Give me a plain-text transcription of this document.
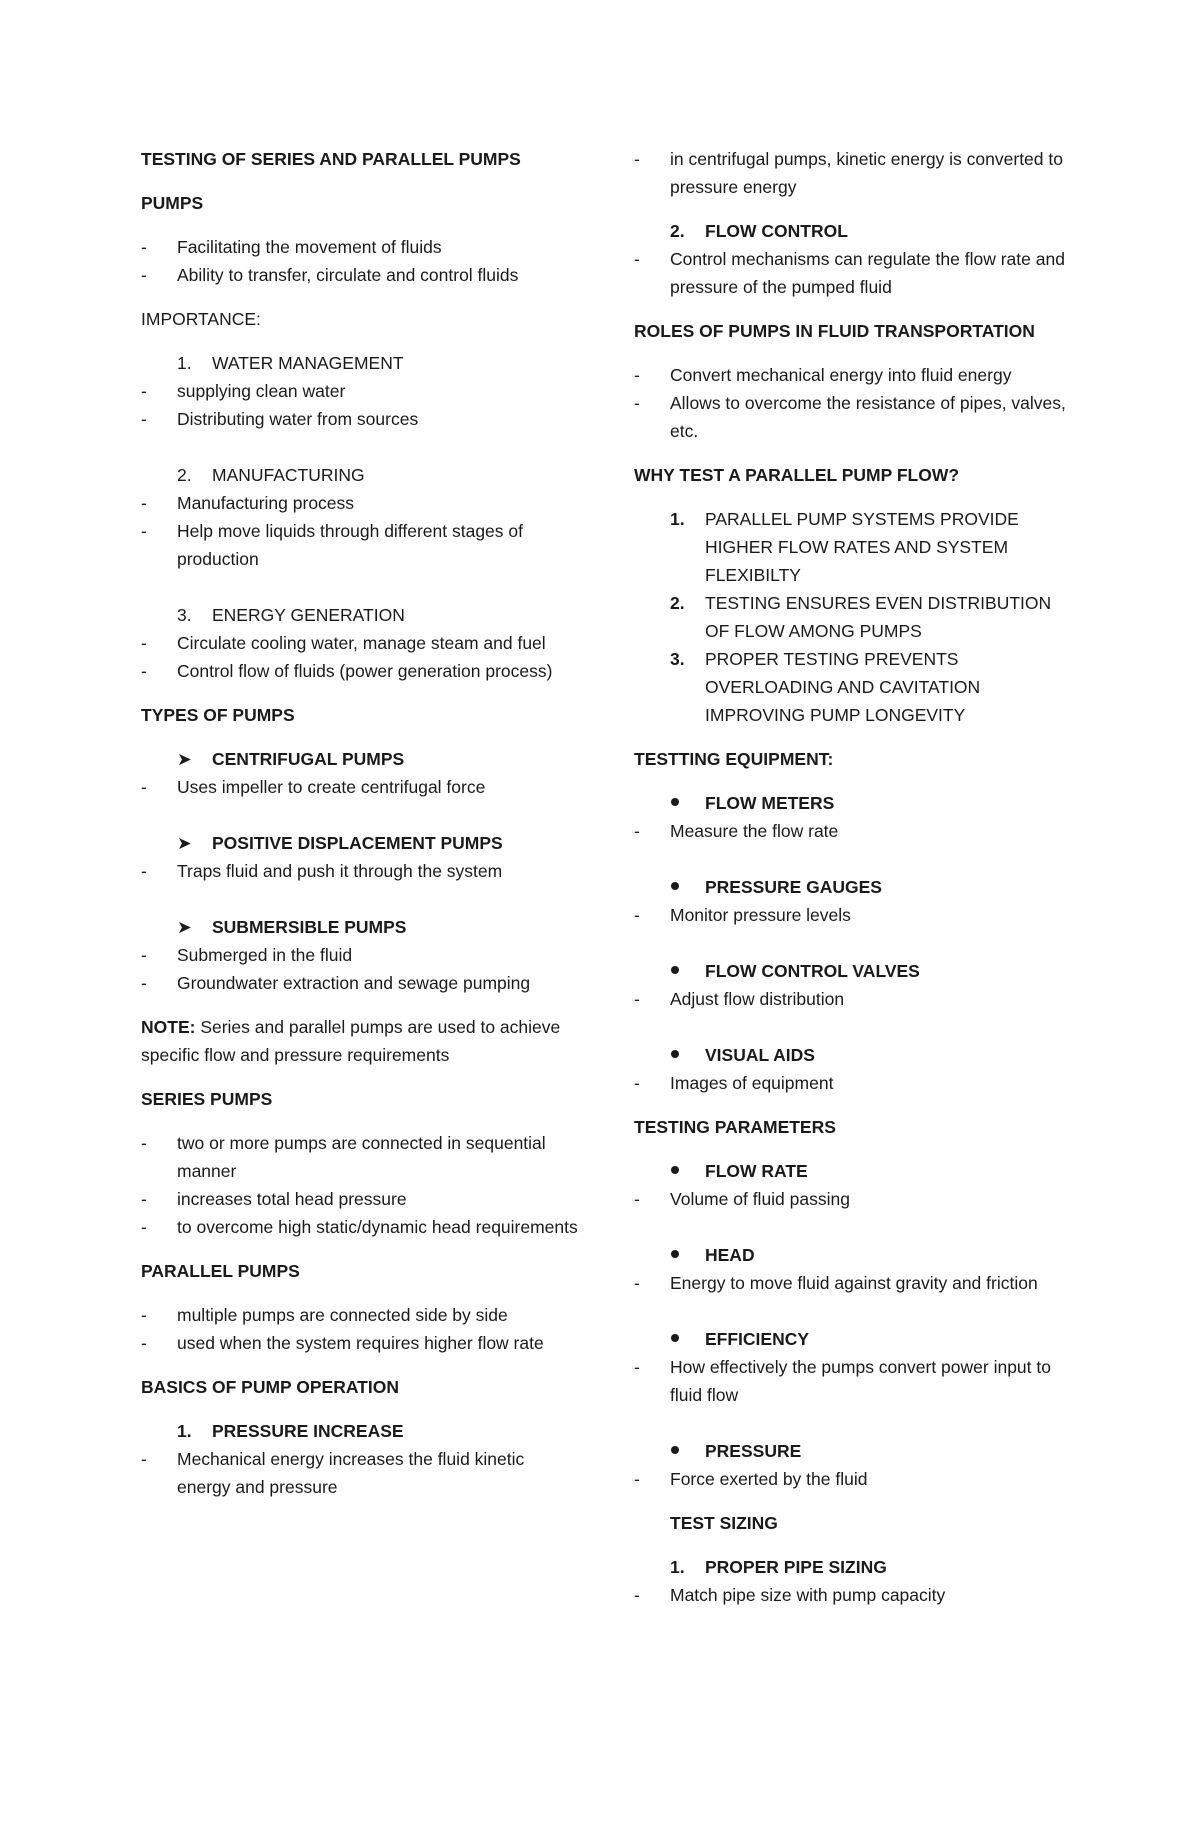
TESTING OF SERIES AND PARALLEL PUMPS
PUMPS
- Facilitating the movement of fluids
- Ability to transfer, circulate and control fluids
IMPORTANCE:
1. WATER MANAGEMENT
- supplying clean water
- Distributing water from sources
2. MANUFACTURING
- Manufacturing process
- Help move liquids through different stages of production
3. ENERGY GENERATION
- Circulate cooling water, manage steam and fuel
- Control flow of fluids (power generation process)
TYPES OF PUMPS
➤ CENTRIFUGAL PUMPS
- Uses impeller to create centrifugal force
➤ POSITIVE DISPLACEMENT PUMPS
- Traps fluid and push it through the system
➤ SUBMERSIBLE PUMPS
- Submerged in the fluid
- Groundwater extraction and sewage pumping
NOTE: Series and parallel pumps are used to achieve specific flow and pressure requirements
SERIES PUMPS
- two or more pumps are connected in sequential manner
- increases total head pressure
- to overcome high static/dynamic head requirements
PARALLEL PUMPS
- multiple pumps are connected side by side
- used when the system requires higher flow rate
BASICS OF PUMP OPERATION
1. PRESSURE INCREASE
- Mechanical energy increases the fluid kinetic energy and pressure
- in centrifugal pumps, kinetic energy is converted to pressure energy
2. FLOW CONTROL
- Control mechanisms can regulate the flow rate and pressure of the pumped fluid
ROLES OF PUMPS IN FLUID TRANSPORTATION
- Convert mechanical energy into fluid energy
- Allows to overcome the resistance of pipes, valves, etc.
WHY TEST A PARALLEL PUMP FLOW?
1. PARALLEL PUMP SYSTEMS PROVIDE HIGHER FLOW RATES AND SYSTEM FLEXIBILTY
2. TESTING ENSURES EVEN DISTRIBUTION OF FLOW AMONG PUMPS
3. PROPER TESTING PREVENTS OVERLOADING AND CAVITATION IMPROVING PUMP LONGEVITY
TESTTING EQUIPMENT:
FLOW METERS
- Measure the flow rate
PRESSURE GAUGES
- Monitor pressure levels
FLOW CONTROL VALVES
- Adjust flow distribution
VISUAL AIDS
- Images of equipment
TESTING PARAMETERS
FLOW RATE
- Volume of fluid passing
HEAD
- Energy to move fluid against gravity and friction
EFFICIENCY
- How effectively the pumps convert power input to fluid flow
PRESSURE
- Force exerted by the fluid
TEST SIZING
1. PROPER PIPE SIZING
- Match pipe size with pump capacity
